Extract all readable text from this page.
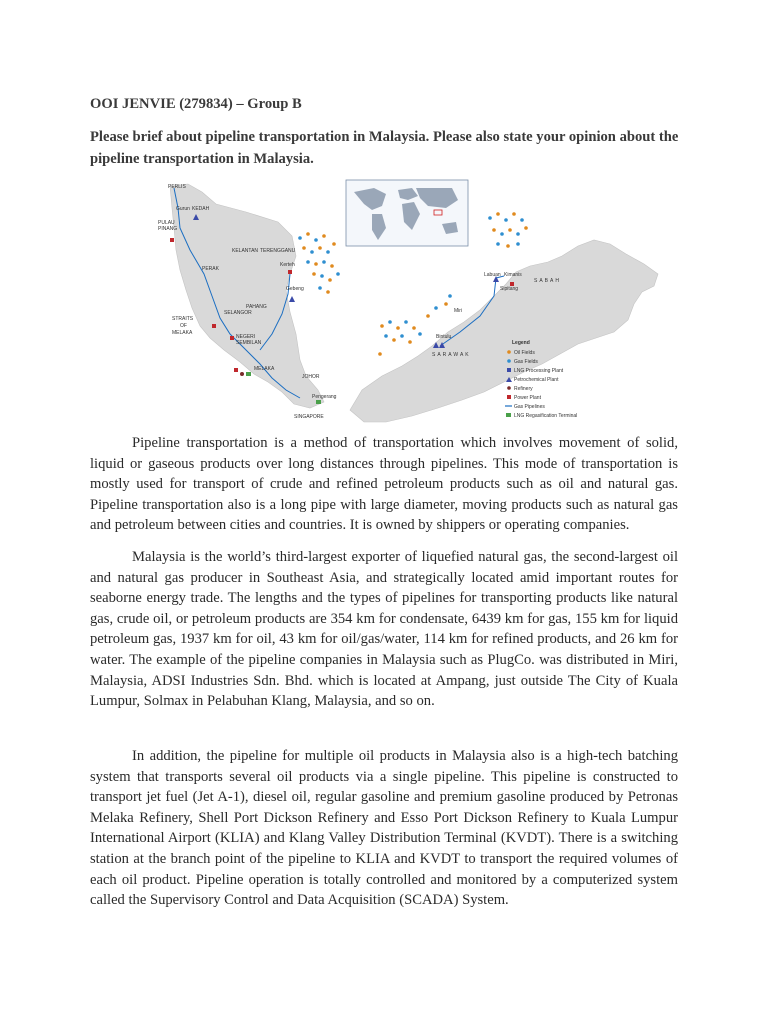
OOI JENVIE (279834) – Group B
Please brief about pipeline transportation in Malaysia. Please also state your opinion about the pipeline transportation in Malaysia.
PERLIS
KEDAH
Gurun
PULAU
PINANG
KELANTAN TERENGGANU
Kerteh
PERAK
PAHANG
Gebeng
SELANGOR
STRAITS
OF
MELAKA
NEGERI
SEMBILAN
MELAKA
JOHOR
Pengerang
SINGAPORE
SARAWAK
SABAH
Labuan Kimanis
Sipitang
Miri
Bintulu
Legend
Oil Fields
Gas Fields
LNG Processing Plant
Petrochemical Plant
Refinery
Power Plant
Gas Pipelines
LNG Regasification Terminal
Pipeline transportation is a method of transportation which involves movement of solid, liquid or gaseous products over long distances through pipelines. This mode of transportation is mostly used for transport of crude and refined petroleum products such as oil and natural gas. Pipeline transportation also is a long pipe with large diameter, moving products such as natural gas and petroleum between cities and countries. It is owned by shippers or operating companies.
Malaysia is the world’s third-largest exporter of liquefied natural gas, the second-largest oil and natural gas producer in Southeast Asia, and strategically located amid important routes for seaborne energy trade. The lengths and the types of pipelines for transporting products like natural gas, crude oil, or petroleum products are 354 km for condensate, 6439 km for gas, 155 km for liquid petroleum gas, 1937 km for oil, 43 km for oil/gas/water, 114 km for refined products, and 26 km for water. The example of the pipeline companies in Malaysia such as PlugCo. was distributed in Miri, Malaysia, ADSI Industries Sdn. Bhd. which is located at Ampang, just outside The City of Kuala Lumpur, Solmax in Pelabuhan Klang, Malaysia, and so on.
In addition, the pipeline for multiple oil products in Malaysia also is a high-tech batching system that transports several oil products via a single pipeline. This pipeline is constructed to transport jet fuel (Jet A-1), diesel oil, regular gasoline and premium gasoline produced by Petronas Melaka Refinery, Shell Port Dickson Refinery and Esso Port Dickson Refinery to Kuala Lumpur International Airport (KLIA) and Klang Valley Distribution Terminal (KVDT). There is a switching station at the branch point of the pipeline to KLIA and KVDT to transport the required volumes of each oil product. Pipeline operation is totally controlled and monitored by a computerized system called the Supervisory Control and Data Acquisition (SCADA) System.
